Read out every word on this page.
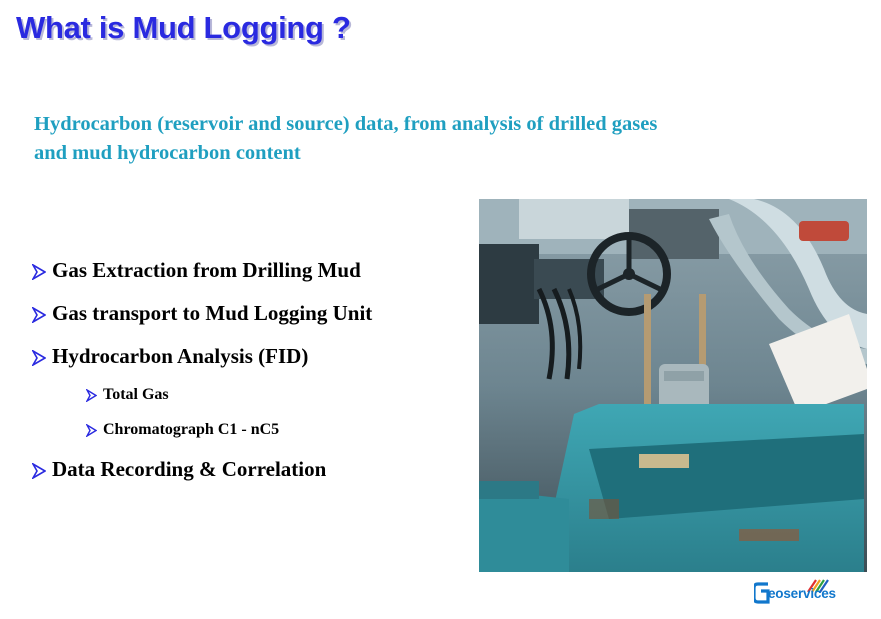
What is Mud Logging ?
Hydrocarbon (reservoir and source) data, from analysis of drilled gases and mud hydrocarbon content
Gas Extraction from Drilling Mud
Gas transport to Mud Logging Unit
Hydrocarbon Analysis (FID)
Total Gas
Chromatograph C1 - nC5
Data Recording & Correlation
eoservices
